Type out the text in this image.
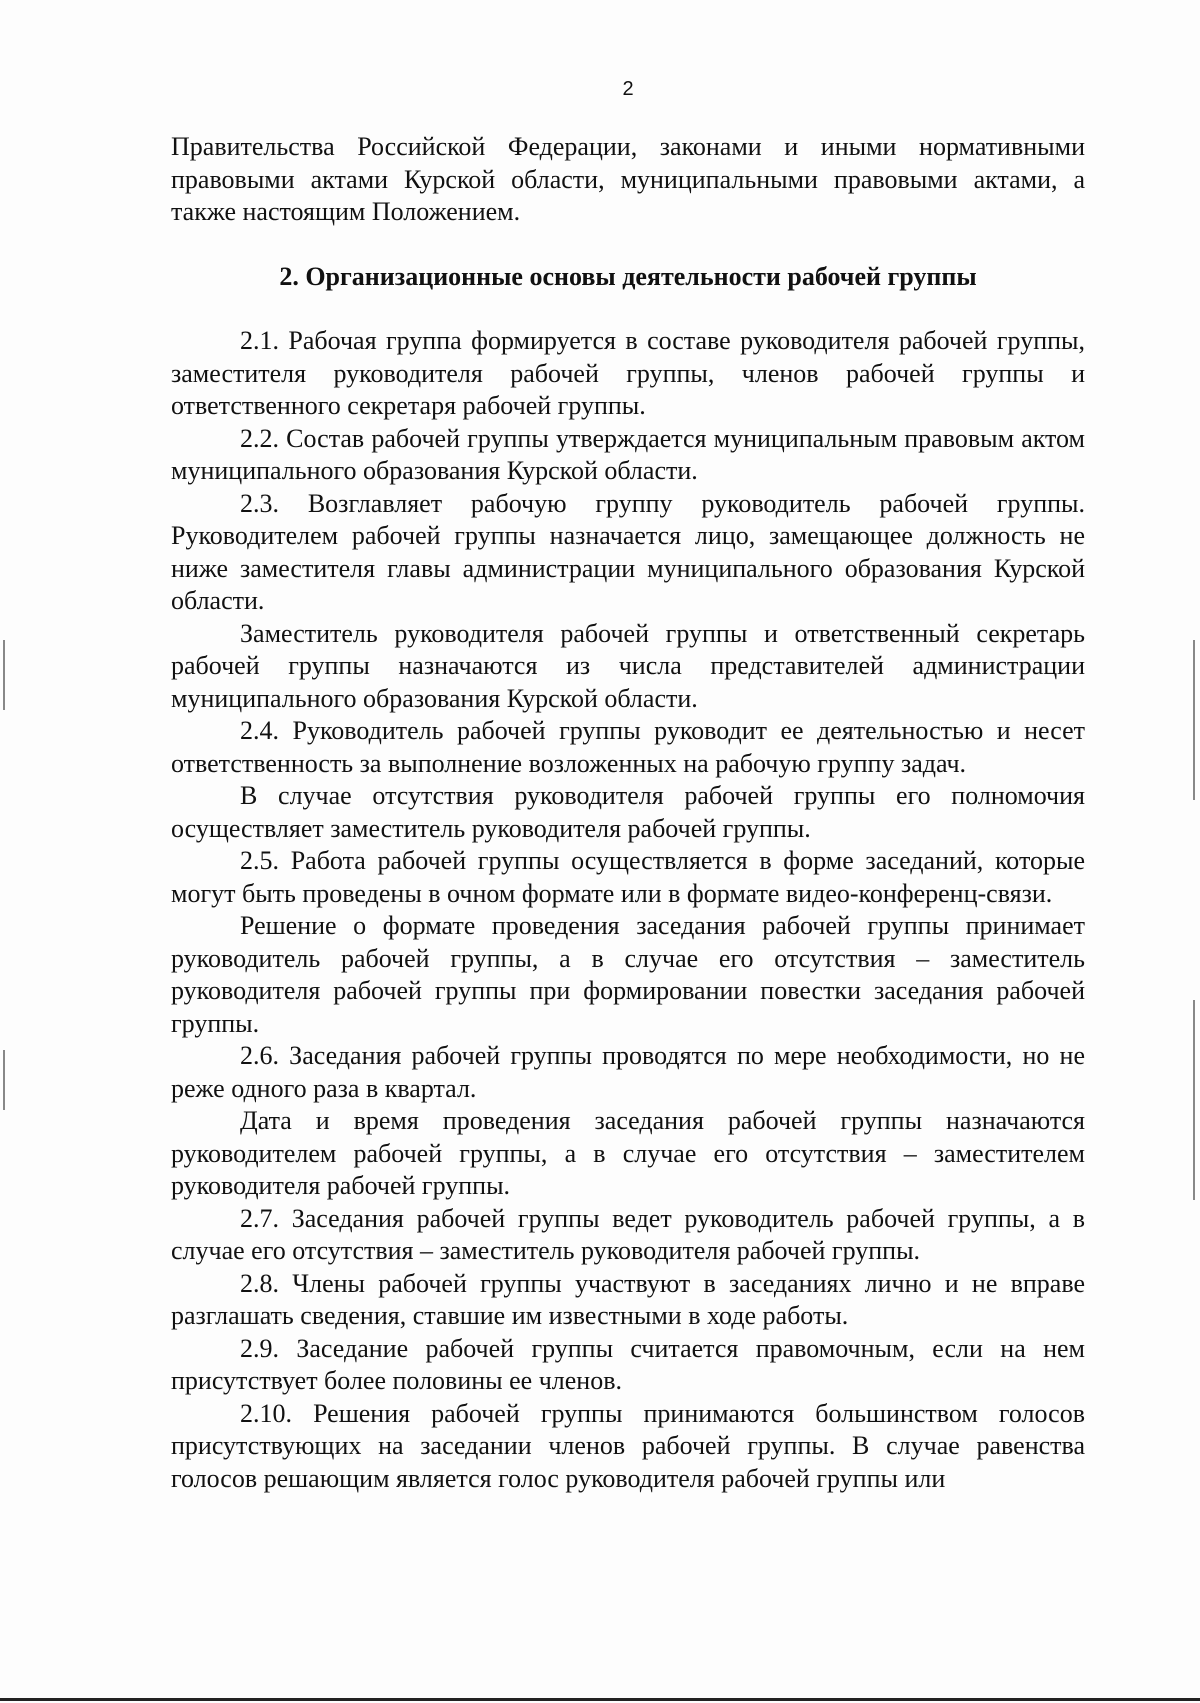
2

Правительства Российской Федерации, законами и иными нормативными правовыми актами Курской области, муниципальными правовыми актами, а также настоящим Положением.

2. Организационные основы деятельности рабочей группы

2.1. Рабочая группа формируется в составе руководителя рабочей группы, заместителя руководителя рабочей группы, членов рабочей группы и ответственного секретаря рабочей группы.

2.2. Состав рабочей группы утверждается муниципальным правовым актом муниципального образования Курской области.

2.3. Возглавляет рабочую группу руководитель рабочей группы. Руководителем рабочей группы назначается лицо, замещающее должность не ниже заместителя главы администрации муниципального образования Курской области.

Заместитель руководителя рабочей группы и ответственный секретарь рабочей группы назначаются из числа представителей администрации муниципального образования Курской области.

2.4. Руководитель рабочей группы руководит ее деятельностью и несет ответственность за выполнение возложенных на рабочую группу задач.

В случае отсутствия руководителя рабочей группы его полномочия осуществляет заместитель руководителя рабочей группы.

2.5. Работа рабочей группы осуществляется в форме заседаний, которые могут быть проведены в очном формате или в формате видео-конференц-связи.

Решение о формате проведения заседания рабочей группы принимает руководитель рабочей группы, а в случае его отсутствия – заместитель руководителя рабочей группы при формировании повестки заседания рабочей группы.

2.6. Заседания рабочей группы проводятся по мере необходимости, но не реже одного раза в квартал.

Дата и время проведения заседания рабочей группы назначаются руководителем рабочей группы, а в случае его отсутствия – заместителем руководителя рабочей группы.

2.7. Заседания рабочей группы ведет руководитель рабочей группы, а в случае его отсутствия – заместитель руководителя рабочей группы.

2.8. Члены рабочей группы участвуют в заседаниях лично и не вправе разглашать сведения, ставшие им известными в ходе работы.

2.9. Заседание рабочей группы считается правомочным, если на нем присутствует более половины ее членов.

2.10. Решения рабочей группы принимаются большинством голосов присутствующих на заседании членов рабочей группы. В случае равенства голосов решающим является голос руководителя рабочей группы или
